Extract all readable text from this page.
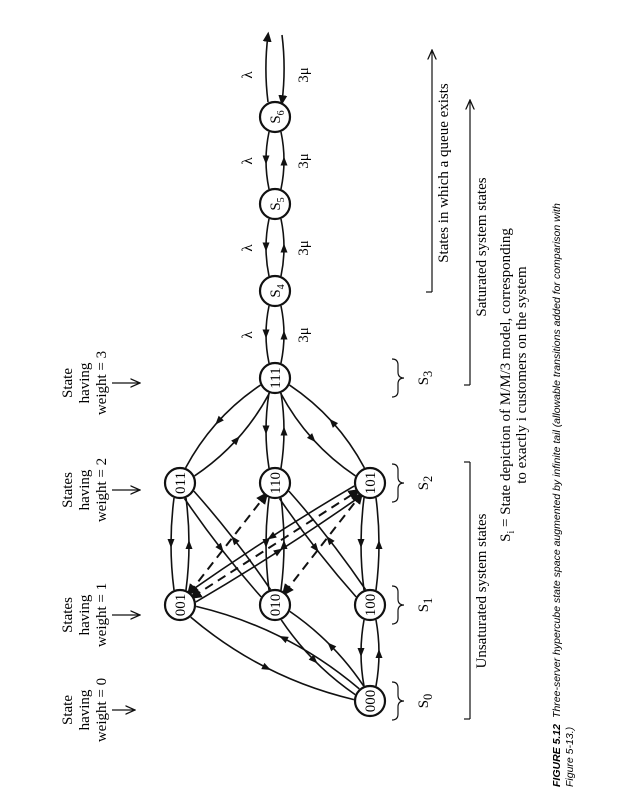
λ	3μ
λ	3μ
λ	3μ
λ	3μ
000
001	010	100
011	110	101
111
$S_4$
$S_5$
$S_6$
State having weight = 0
States having weight = 1
States having weight = 2
State having weight = 3
$S_0$
$S_1$
$S_2$
$S_3$
Unsaturated system states
Saturated system states
States in which a queue exists
$S_i$ = State depiction of M/M/3 model, corresponding to exactly i customers on the system
FIGURE 5.12Three-server hypercube state space augmented by infinite tail (allowable transitions added for comparison with
Figure 5-13.)
